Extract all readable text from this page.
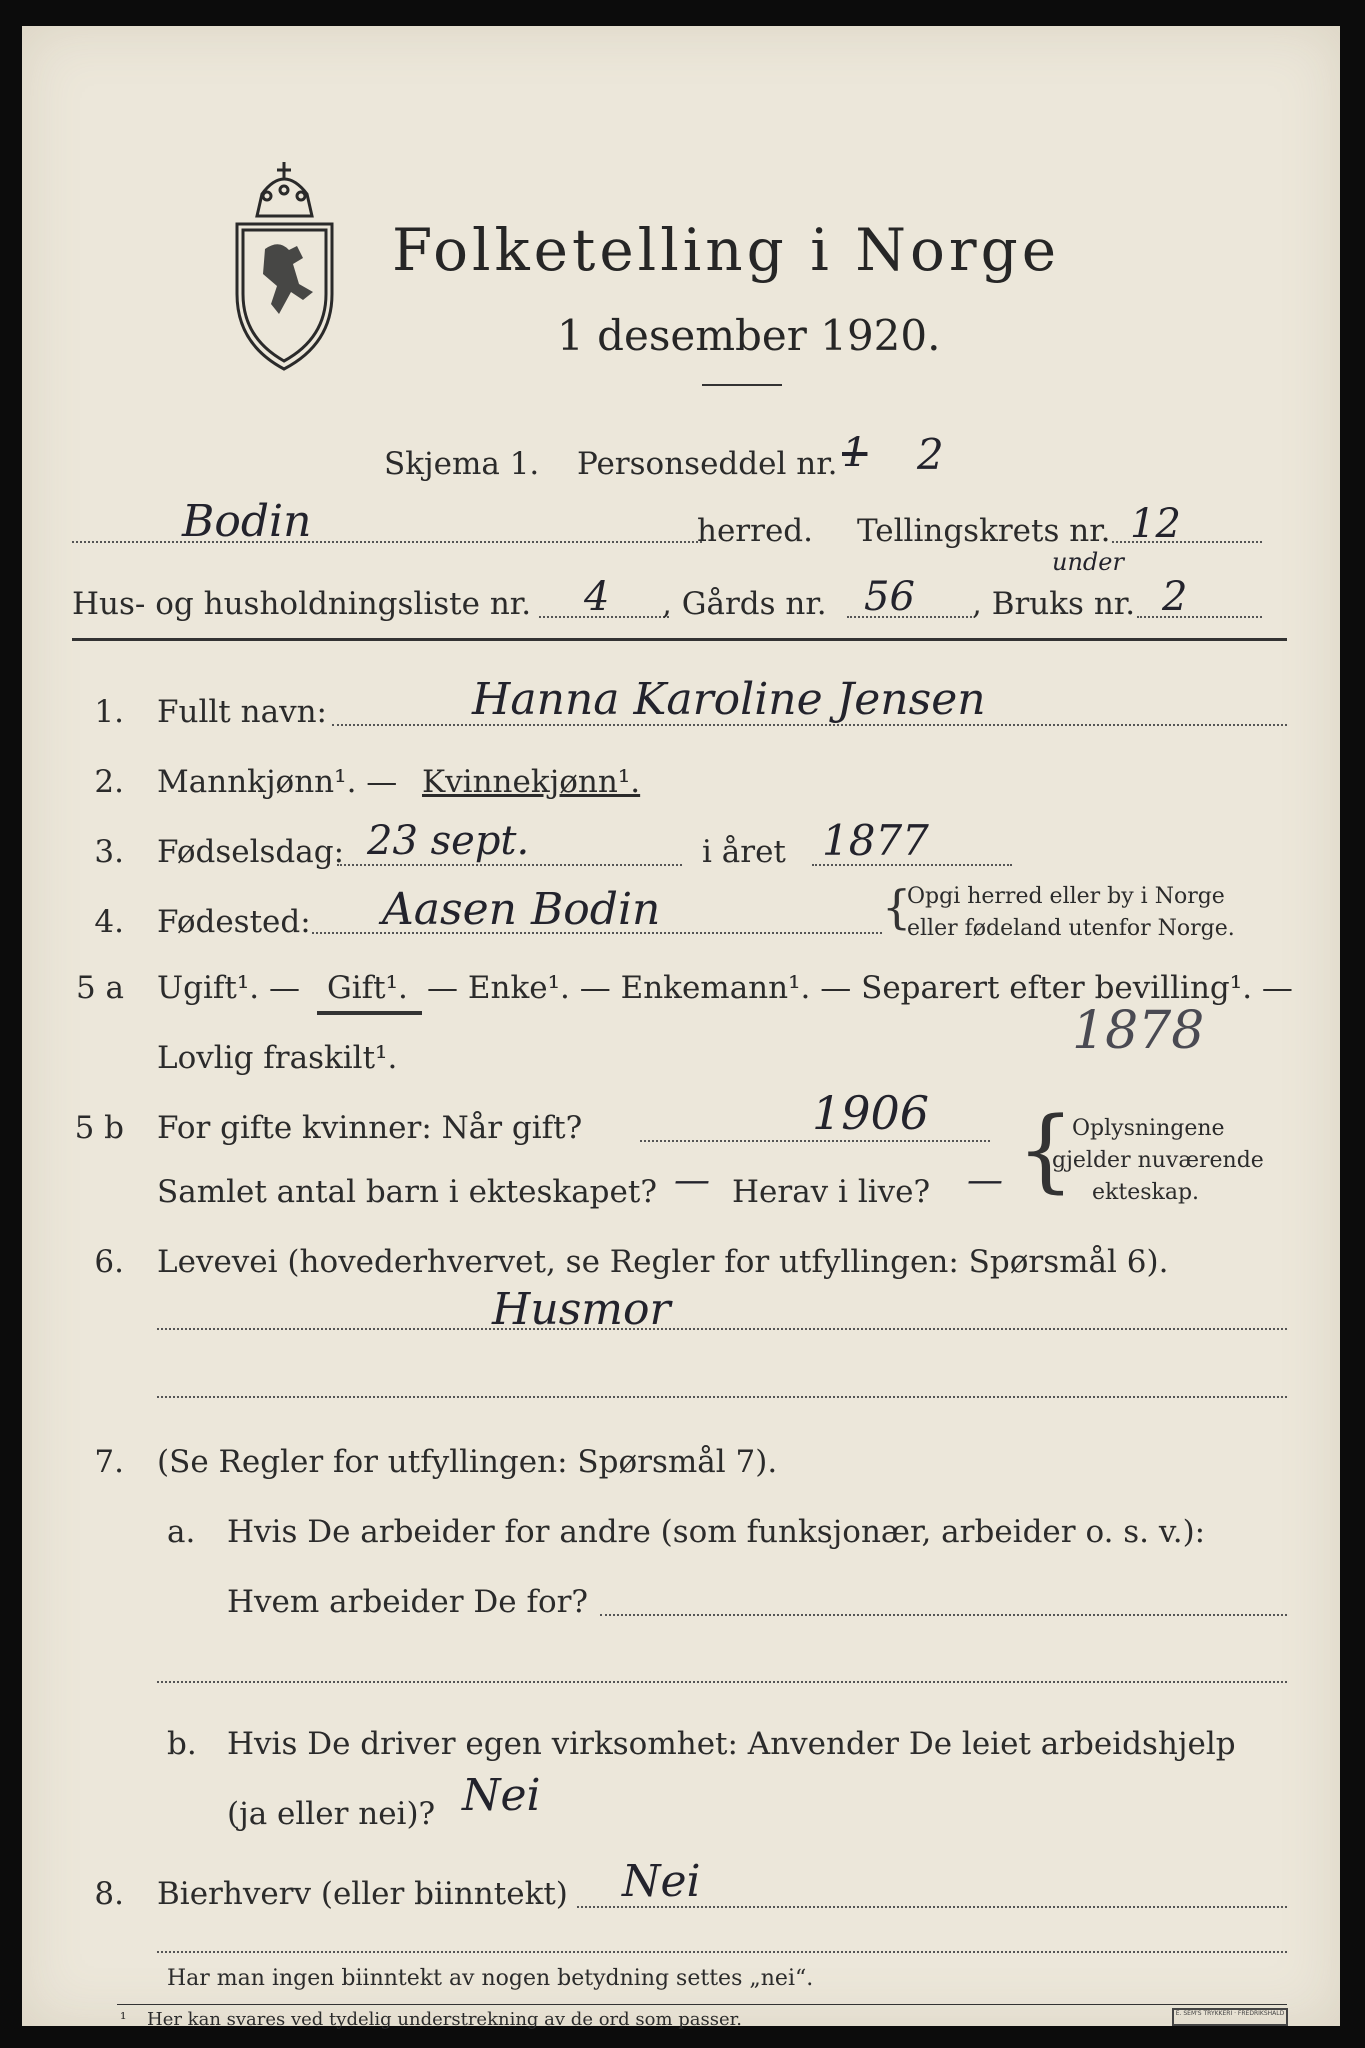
Folketelling i Norge
1 desember 1920.
Skjema 1. Personseddel nr. 1 2
Bodin	herred. Tellingskrets nr. 12
Hus- og husholdningsliste nr. 4 , Gårds nr. 56
under
, Bruks nr. 2
1. Fullt navn:	Hanna Karoline Jensen
2. Mannkjønn¹. — Kvinnekjønn¹.
3. Fødselsdag: 23 sept.	i året 1877
4. Fødested: Aasen Bodin	{
Opgi herred eller by i Norge
eller fødeland utenfor Norge.
5 a Ugift¹. — Gift¹. — Enke¹. — Enkemann¹. — Separert efter bevilling¹. —
Lovlig fraskilt¹.	1878
5 b For gifte kvinner: Når gift?	1906
Samlet antal barn i ekteskapet? — Herav i live? — {
Oplysningene
gjelder nuværende
ekteskap.
6. Levevei (hovederhvervet, se Regler for utfyllingen: Spørsmål 6).
Husmor
7. (Se Regler for utfyllingen: Spørsmål 7).
a. Hvis De arbeider for andre (som funksjonær, arbeider o. s. v.):
Hvem arbeider De for?
b. Hvis De driver egen virksomhet: Anvender De leiet arbeidshjelp
(ja eller nei)? Nei
8. Bierhverv (eller biinntekt) Nei
Har man ingen biinntekt av nogen betydning settes „nei“.
¹ Her kan svares ved tydelig understrekning av de ord som passer.	E. SEM'S TRYKKERI · FREDRIKSHALD
